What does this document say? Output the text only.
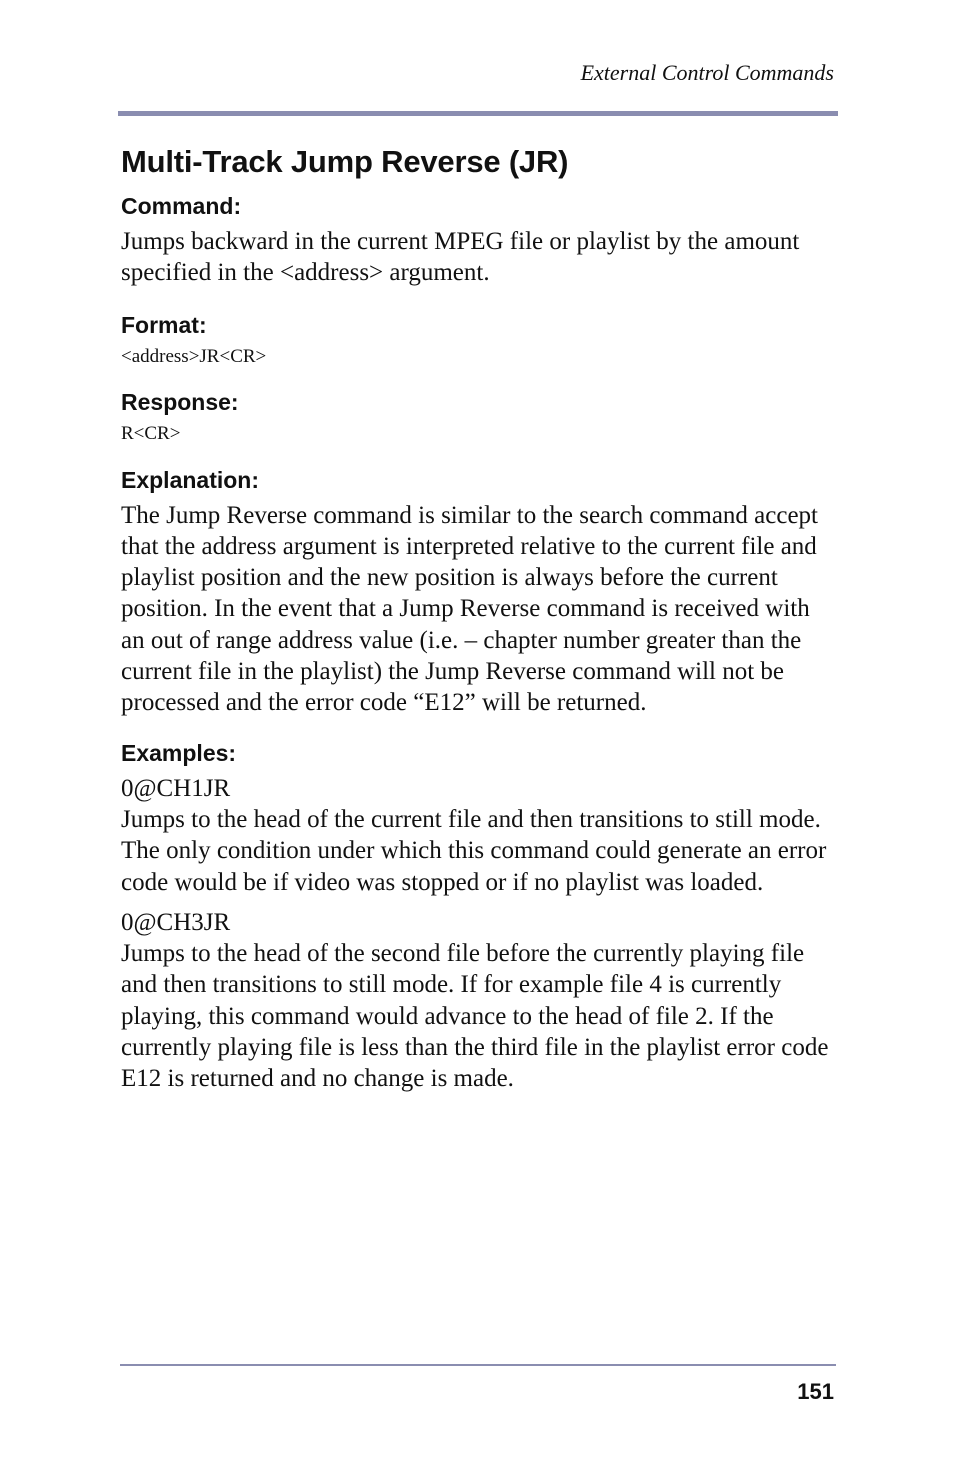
External Control Commands
Multi-Track Jump Reverse (JR)
Command:

Jumps backward in the current MPEG file or playlist by the amount specified in the <address> argument.

Format:

<address>JR<CR>

Response:

R<CR>

Explanation:

The Jump Reverse command is similar to the search command accept that the address argument is interpreted relative to the current file and playlist position and the new position is always before the current position. In the event that a Jump Reverse command is received with an out of range address value (i.e. – chapter number greater than the current file in the playlist) the Jump Reverse command will not be processed and the error code “E12” will be returned.

Examples:

0@CH1JR

Jumps to the head of the current file and then transitions to still mode. The only condition under which this command could generate an error code would be if video was stopped or if no playlist was loaded.

0@CH3JR

Jumps to the head of the second file before the currently playing file and then transitions to still mode. If for example file 4 is currently playing, this command would advance to the head of file 2. If the currently playing file is less than the third file in the playlist error code E12 is returned and no change is made.

151
